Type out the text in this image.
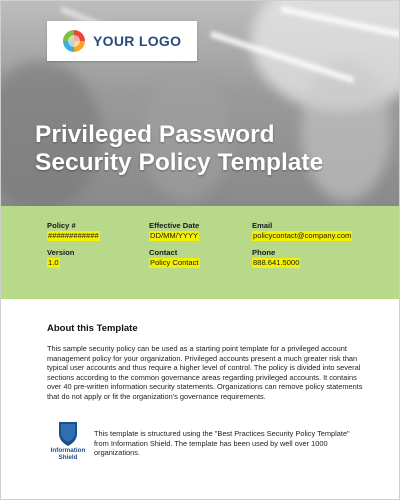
YOUR LOGO
Privileged Password
Security Policy Template
Policy #
############
Effective Date
DD/MM/YYYY
Email
policycontact@company.com
Version
1.0
Contact
Policy Contact
Phone
888.641.5000
About this Template
This sample security policy can be used as a starting point template for a privileged account management policy for your organization. Privileged accounts present a much greater risk than typical user accounts and thus require a higher level of control. The policy is divided into several sections according to the common governance areas regarding privileged accounts. It contains over 40 pre-written information security statements. Organizations can remove policy statements that do not apply or fit the organization's governance requirements.
Information
Shield
This template is structured using the "Best Practices Security Policy Template" from Information Shield. The template has been used by well over 1000 organizations.
